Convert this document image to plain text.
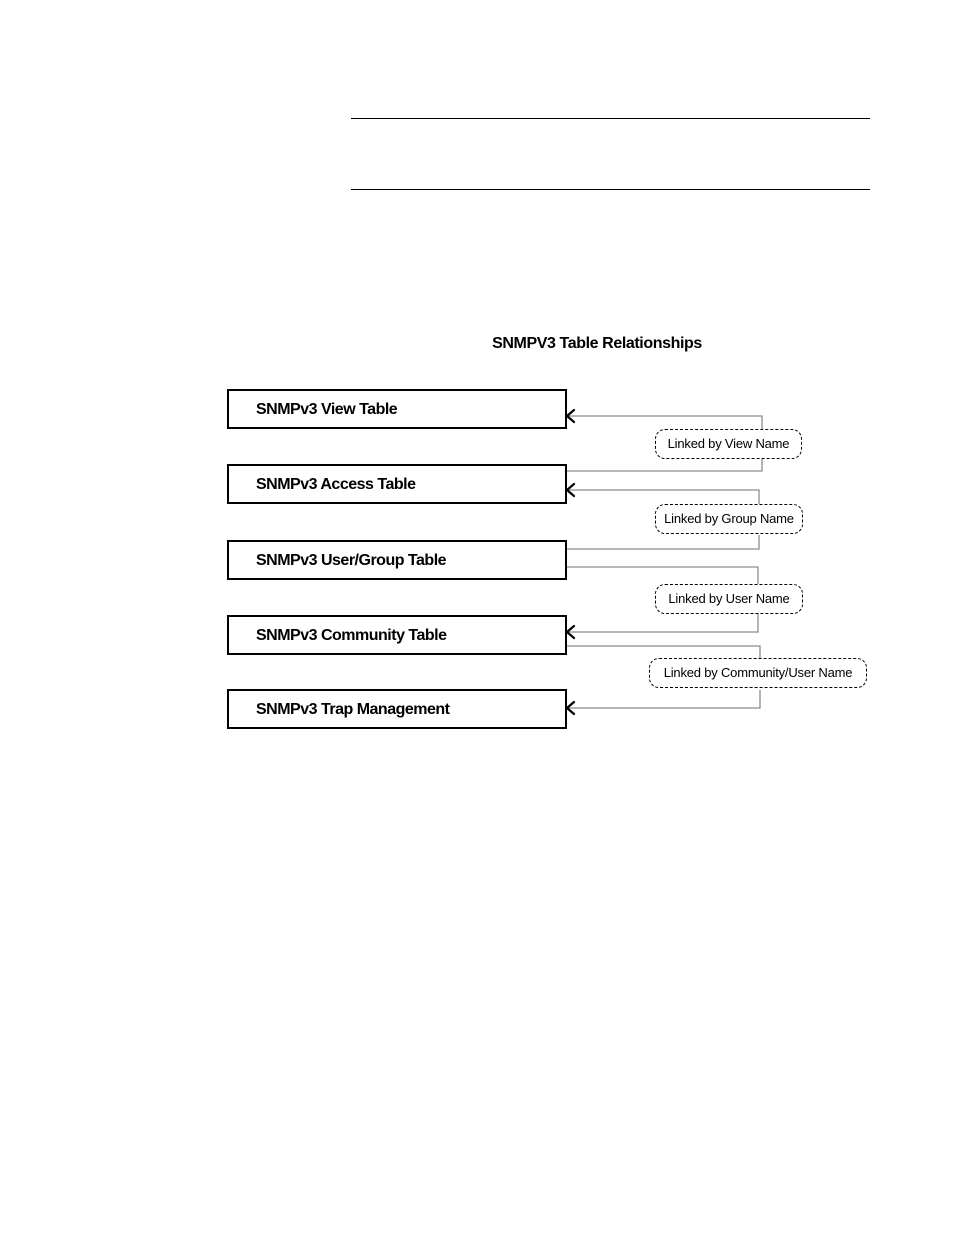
SNMPV3 Table Relationships
SNMPv3 View Table
SNMPv3 Access Table
SNMPv3 User/Group Table
SNMPv3 Community Table
SNMPv3 Trap Management
Linked by View Name
Linked by Group Name
Linked by User Name
Linked by Community/User Name
